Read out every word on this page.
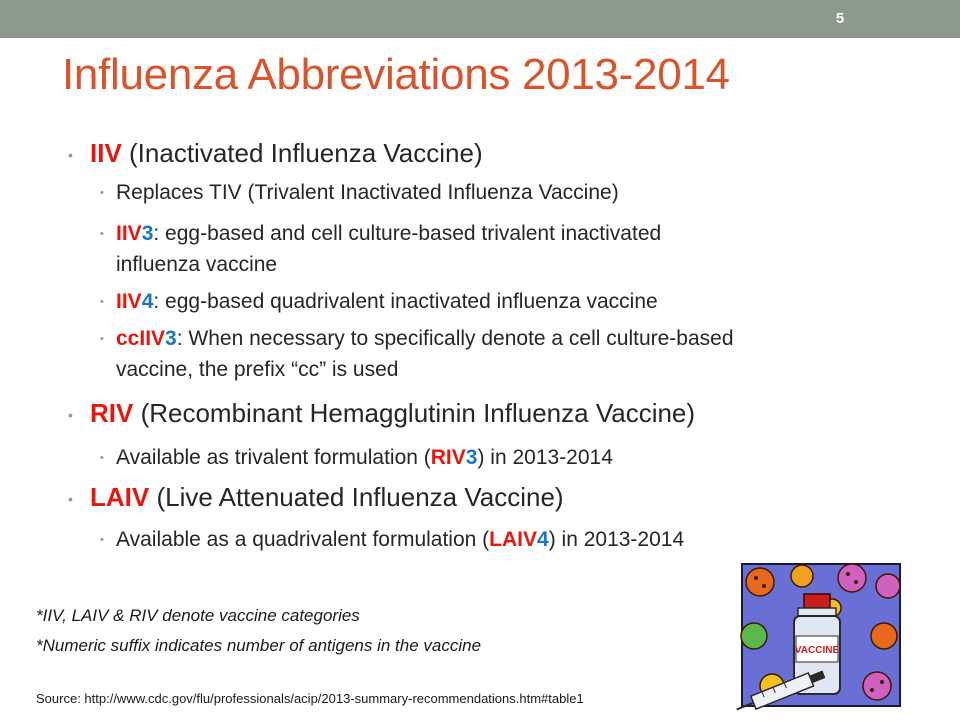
5
Influenza Abbreviations 2013-2014
• IIV (Inactivated Influenza Vaccine)
• Replaces TIV (Trivalent Inactivated Influenza Vaccine)
• IIV3: egg-based and cell culture-based trivalent inactivated
influenza vaccine
• IIV4: egg-based quadrivalent inactivated influenza vaccine
• ccIIV3: When necessary to specifically denote a cell culture-based
vaccine, the prefix “cc” is used
• RIV (Recombinant Hemagglutinin Influenza Vaccine)
• Available as trivalent formulation (RIV3) in 2013-2014
• LAIV (Live Attenuated Influenza Vaccine)
• Available as a quadrivalent formulation (LAIV4) in 2013-2014
*IIV, LAIV & RIV denote vaccine categories
*Numeric suffix indicates number of antigens in the vaccine
Source: http://www.cdc.gov/flu/professionals/acip/2013-summary-recommendations.htm#table1
VACCINE
